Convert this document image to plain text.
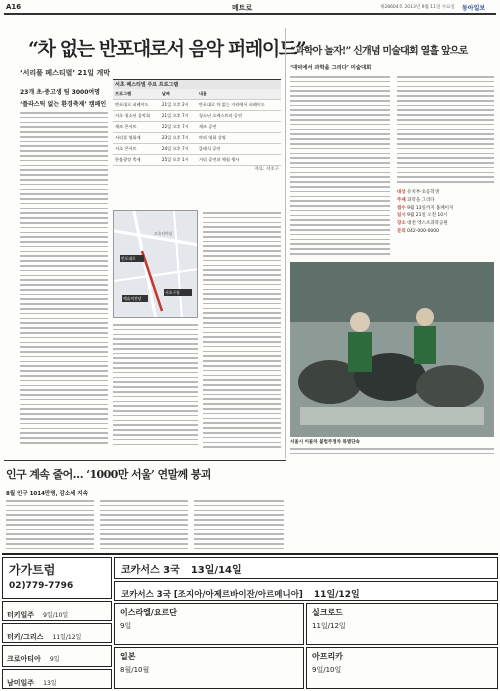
A16	메트로	제28604호 2013년 9월 11일 수요일 동아일보
“차 없는 반포대로서 음악 퍼레이드”
‘서리풀 페스티벌’ 21일 개막
23개 초·중고생 팀 3000여명
‘플라스틱 없는 환경축제’ 캠페인
서초 페스티벌 주요 프로그램
프로그램	날짜	내용
반포대로 퍼레이드	21일 오후 2시	반포대로 차 없는 거리에서 퍼레이드
서초 청소년 음악회	21일 오후 7시	청소년 오케스트라 공연
재즈 콘서트	22일 오후 7시	재즈 공연
서리풀 영화제	23일 오후 7시	야외 영화 상영
서초 콘서트	24일 오후 7시	클래식 공연
한울광장 축제	25일 오후 1시	거리 공연과 체험 행사
자료: 서초구
반포대로
서초구청
예술의전당
고속터미널
“과학아 놀자!” 신개념 미술대회 열흘 앞으로
‘대덕에서 과학을 그리다’ 미술대회
대상 유치부·초등학생
주제 과학을 그리다
접수 9월 13일까지 홈페이지
일시 9월 21일 오전 10시
장소 대전 엑스포과학공원
문의 042-000-0000
서울시 이륜차 불법주정차 특별단속
인구 계속 줄어… ‘1000만 서울’ 연말께 붕괴
8월 인구 1014만명, 감소세 지속
가가트럼
02)779-7796
코카서스 3국 13일/14일
코카서스 3국 [조지아/아제르바이잔/아르메니아] 11일/12일
터키일주 9일/10일
터키/그리스 11일/12일
크로아티아 9일
남미일주 13일
이스라엘/요르단
9일
일본
8월/10월
실크로드
11일/12일
아프리카
9일/10일
